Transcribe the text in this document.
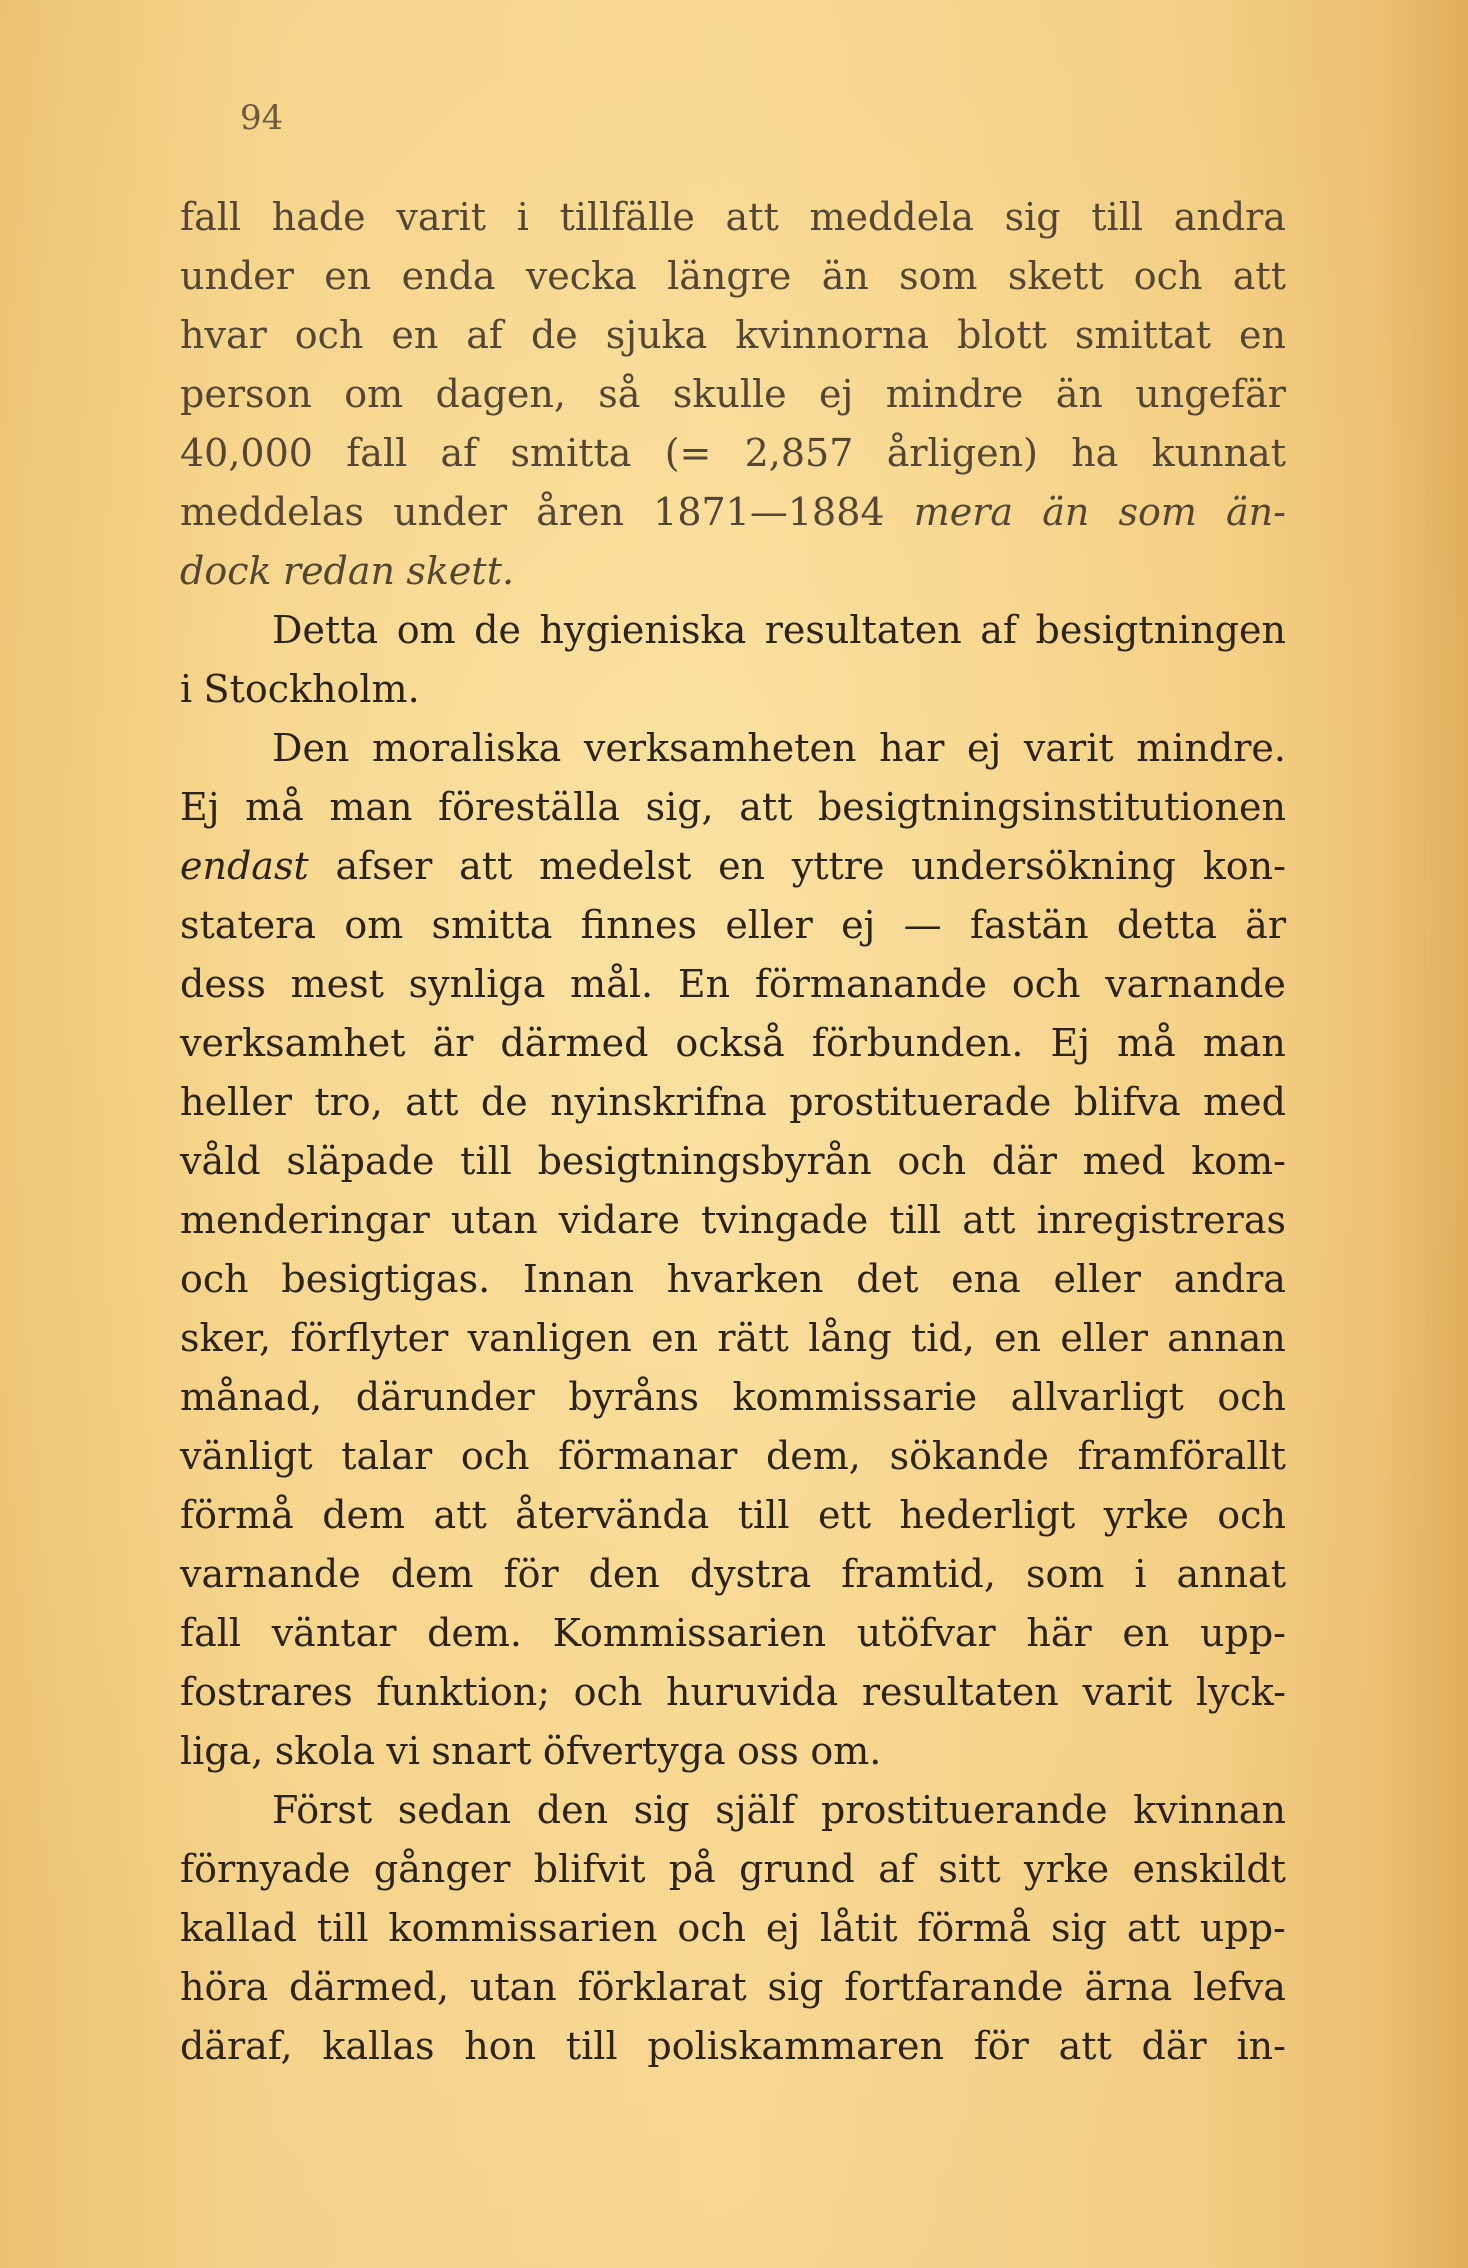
94
fall hade varit i tillfälle att meddela sig till andra
under en enda vecka längre än som skett och att
hvar och en af de sjuka kvinnorna blott smittat en
person om dagen, så skulle ej mindre än ungefär
40,000 fall af smitta (= 2,857 årligen) ha kunnat
meddelas under åren 1871—1884 mera än som än-
dock redan skett.
Detta om de hygieniska resultaten af besigtningen
i Stockholm.
Den moraliska verksamheten har ej varit mindre.
Ej må man föreställa sig, att besigtningsinstitutionen
endast afser att medelst en yttre undersökning kon-
statera om smitta finnes eller ej — fastän detta är
dess mest synliga mål. En förmanande och varnande
verksamhet är därmed också förbunden. Ej må man
heller tro, att de nyinskrifna prostituerade blifva med
våld släpade till besigtningsbyrån och där med kom-
menderingar utan vidare tvingade till att inregistreras
och besigtigas. Innan hvarken det ena eller andra
sker, förflyter vanligen en rätt lång tid, en eller annan
månad, därunder byråns kommissarie allvarligt och
vänligt talar och förmanar dem, sökande framförallt
förmå dem att återvända till ett hederligt yrke och
varnande dem för den dystra framtid, som i annat
fall väntar dem. Kommissarien utöfvar här en upp-
fostrares funktion; och huruvida resultaten varit lyck-
liga, skola vi snart öfvertyga oss om.
Först sedan den sig själf prostituerande kvinnan
förnyade gånger blifvit på grund af sitt yrke enskildt
kallad till kommissarien och ej låtit förmå sig att upp-
höra därmed, utan förklarat sig fortfarande ärna lefva
däraf, kallas hon till poliskammaren för att där in-
